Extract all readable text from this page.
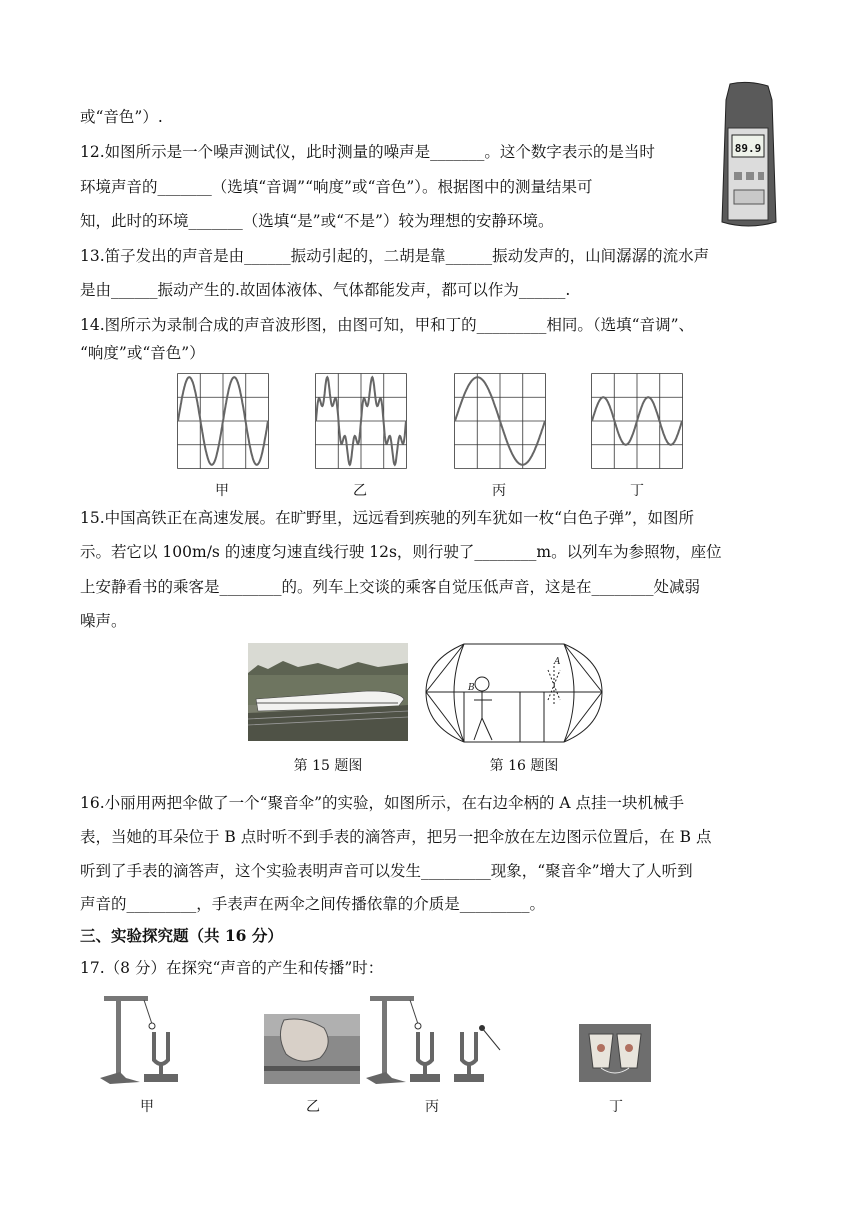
或“音色”）.
12.如图所示是一个噪声测试仪，此时测量的噪声是_______。这个数字表示的是当时
环境声音的_______（选填“音调”“响度”或“音色”）。根据图中的测量结果可
知，此时的环境_______（选填“是”或“不是”）较为理想的安静环境。
13.笛子发出的声音是由______振动引起的，二胡是靠______振动发声的，山间潺潺的流水声
是由______振动产生的.故固体液体、气体都能发声，都可以作为______.
14.图所示为录制合成的声音波形图，由图可知，甲和丁的_________相同。（选填“音调”、
“响度”或“音色”）
15.中国高铁正在高速发展。在旷野里，远远看到疾驰的列车犹如一枚“白色子弹”，如图所
示。若它以 100m/s 的速度匀速直线行驶 12s，则行驶了________m。以列车为参照物，座位
上安静看书的乘客是________的。列车上交谈的乘客自觉压低声音，这是在________处减弱
噪声。
16.小丽用两把伞做了一个“聚音伞”的实验，如图所示，在右边伞柄的 A 点挂一块机械手
表，当她的耳朵位于 B 点时听不到手表的滴答声，把另一把伞放在左边图示位置后，在 B 点
听到了手表的滴答声，这个实验表明声音可以发生_________现象，“聚音伞”增大了人听到
声音的_________，手表声在两伞之间传播依靠的介质是_________。
三、实验探究题（共 16 分）
17.（8 分）在探究“声音的产生和传播”时：
89.9
甲	乙	丙	丁
第 15 题图
A
B
第 16 题图
甲	乙	丙	丁
